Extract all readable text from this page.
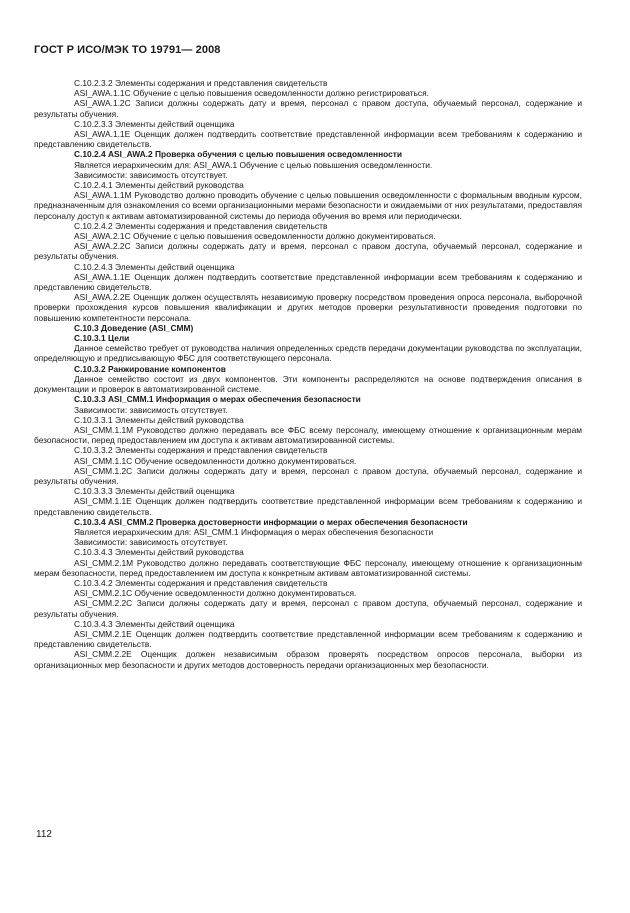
ГОСТ Р ИСО/МЭК ТО 19791— 2008

С.10.2.3.2 Элементы содержания и представления свидетельств

ASI_AWA.1.1С Обучение с целью повышения осведомленности должно регистрироваться.

ASI_AWA.1.2C Записи должны содержать дату и время, персонал с правом доступа, обучаемый персонал, содержание и результаты обучения.

С.10.2.3.3 Элементы действий оценщика

ASI_AWA.1.1Е Оценщик должен подтвердить соответствие представленной информации всем требованиям к содержанию и представлению свидетельств.

С.10.2.4 ASI_AWA.2 Проверка обучения с целью повышения осведомленности

Является иерархическим для: ASI_AWA.1 Обучение с целью повышения осведомленности.

Зависимости: зависимость отсутствует.

С.10.2.4.1 Элементы действий руководства

ASI_AWA.1.1M Руководство должно проводить обучение с целью повышения осведомленности с формальным вводным курсом, предназначенным для ознакомления со всеми организационными мерами безопасности и ожидаемыми от них результатами, предоставляя персоналу доступ к активам автоматизированной системы до периода обучения во время или периодически.

С.10.2.4.2 Элементы содержания и представления свидетельств

ASI_AWA.2.1С Обучение с целью повышения осведомленности должно документироваться.

ASI_AWA.2.2C Записи должны содержать дату и время, персонал с правом доступа, обучаемый персонал, содержание и результаты обучения.

С.10.2.4.3 Элементы действий оценщика

ASI_AWA.1.1Е Оценщик должен подтвердить соответствие представленной информации всем требованиям к содержанию и представлению свидетельств.

ASI_AWA.2.2Е Оценщик должен осуществлять независимую проверку посредством проведения опроса персонала, выборочной проверки прохождения курсов повышения квалификации и других методов проверки результативности проведения подготовки по повышению компетентности персонала.

С.10.3 Доведение (ASI_CMM)

С.10.3.1 Цели

Данное семейство требует от руководства наличия определенных средств передачи документации руководства по эксплуатации, определяющую и предписывающую ФБС для соответствующего персонала.

С.10.3.2 Ранжирование компонентов

Данное семейство состоит из двух компонентов. Эти компоненты распределяются на основе подтверждения описания в документации и проверок в автоматизированной системе.

С.10.3.3 ASI_CMM.1 Информация о мерах обеспечения безопасности

Зависимости: зависимость отсутствует.

С.10.3.3.1 Элементы действий руководства

ASI_CMM.1.1M Руководство должно передавать все ФБС всему персоналу, имеющему отношение к организационным мерам безопасности, перед предоставлением им доступа к активам автоматизированной системы.

С.10.3.3.2 Элементы содержания и представления свидетельств

ASI_CMM.1.1С Обучение осведомленности должно документироваться.

ASI_CMM.1.2C Записи должны содержать дату и время, персонал с правом доступа, обучаемый персонал, содержание и результаты обучения.

С.10.3.3.3 Элементы действий оценщика

ASI_CMM.1.1Е Оценщик должен подтвердить соответствие представленной информации всем требованиям к содержанию и представлению свидетельств.

С.10.3.4 ASI_CMM.2 Проверка достоверности информации о мерах обеспечения безопасности

Является иерархическим для: ASI_CMM.1 Информация о мерах обеспечения безопасности

Зависимости: зависимость отсутствует.

С.10.3.4.3 Элементы действий руководства

ASI_CMM.2.1M Руководство должно передавать соответствующие ФБС персоналу, имеющему отношение к организационным мерам безопасности, перед предоставлением им доступа к конкретным активам автоматизированной системы.

С.10.3.4.2 Элементы содержания и представления свидетельств

ASI_CMM.2.1С Обучение осведомленности должно документироваться.

ASI_CMM.2.2C Записи должны содержать дату и время, персонал с правом доступа, обучаемый персонал, содержание и результаты обучения.

С.10.3.4.3 Элементы действий оценщика

ASI_CMM.2.1Е Оценщик должен подтвердить соответствие представленной информации всем требованиям к содержанию и представлению свидетельств.

ASI_CMM.2.2Е Оценщик должен независимым образом проверять посредством опросов персонала, выборки из организационных мер безопасности и других методов достоверность передачи организационных мер безопасности.

112
